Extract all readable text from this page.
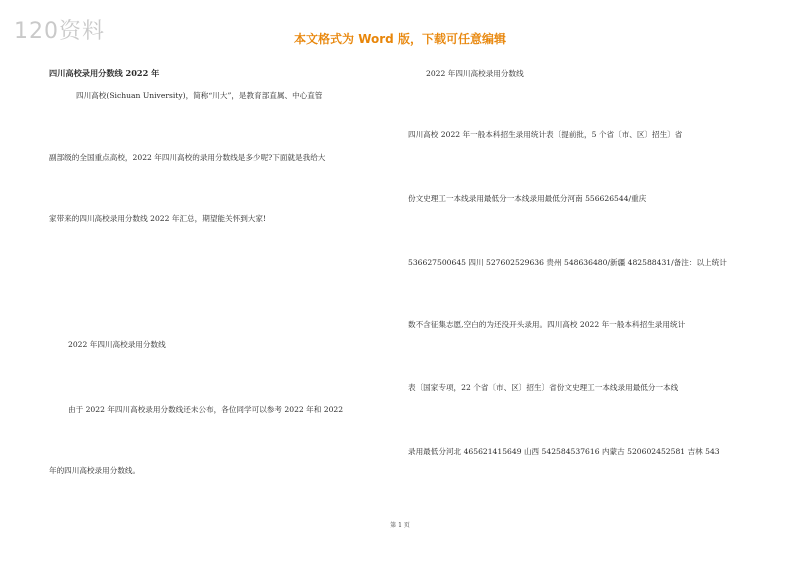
120资料	本文格式为 Word 版，下载可任意编辑

四川高校录用分数线 2022 年

四川高校(Sichuan University)，简称“川大”，是教育部直属、中心直管

副部级的全国重点高校，2022 年四川高校的录用分数线是多少呢?下面就是我给大

家带来的四川高校录用分数线 2022 年汇总，期望能关怀到大家!

2022 年四川高校录用分数线

由于 2022 年四川高校录用分数线还未公布，各位同学可以参考 2022 年和 2022

年的四川高校录用分数线。

2022 年四川高校录用分数线

四川高校 2022 年一般本科招生录用统计表〔提前批，5 个省〔市、区〕招生〕省

份文史理工一本线录用最低分一本线录用最低分河南 556626544/重庆

536627500645 四川 527602529636 贵州 548636480/新疆 482588431/备注：以上统计

数不含征集志愿,空白的为还没开头录用。四川高校 2022 年一般本科招生录用统计

表〔国家专项，22 个省〔市、区〕招生〕省份文史理工一本线录用最低分一本线

录用最低分河北 465621415649 山西 542584537616 内蒙古 520602452581 吉林 543

第 1 页
